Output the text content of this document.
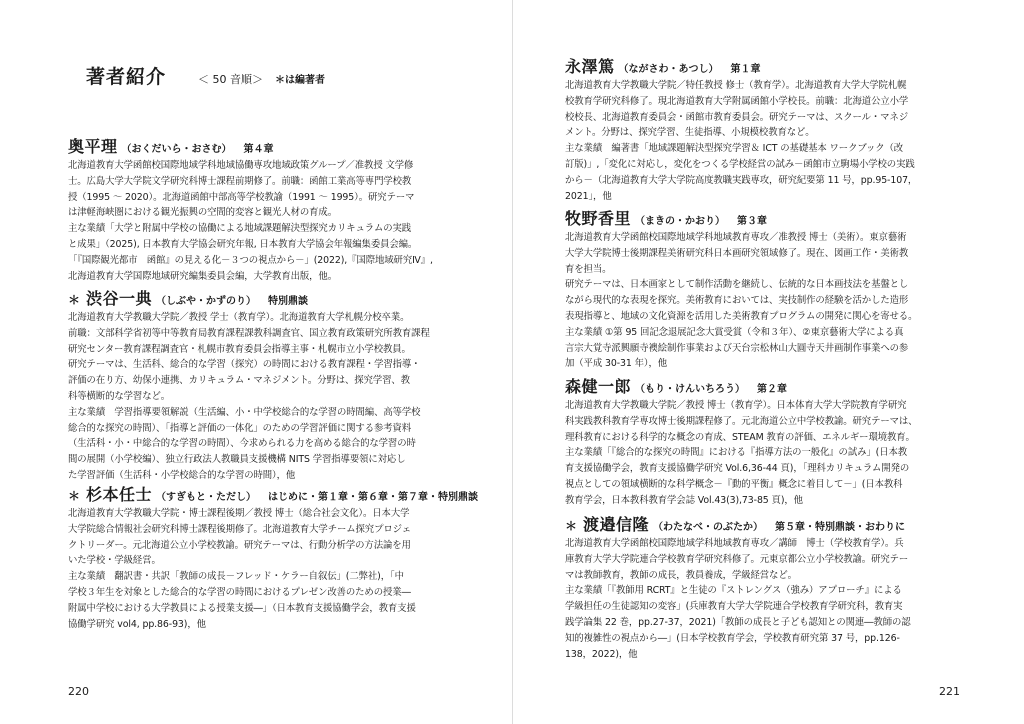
著者紹介	＜ 50 音順＞ ＊は編著者
奥平理 （おくだいら・おさむ） 第４章

北海道教育大学函館校国際地域学科地域協働専攻地域政策グループ／准教授 文学修

士。広島大学大学院文学研究科博士課程前期修了。前職：函館工業高等専門学校教

授（1995 ～ 2020）。北海道函館中部高等学校教諭（1991 ～ 1995）。研究テーマ

は津軽海峡圏における観光振興の空間的変容と観光人材の育成。

主な業績「大学と附属中学校の協働による地域課題解決型探究カリキュラムの実践

と成果」（2025), 日本教育大学協会研究年報, 日本教育大学協会年報編集委員会編。

「『国際観光都市　函館』の見える化－３つの視点から－」(2022),『国際地域研究Ⅳ』,

北海道教育大学国際地域研究編集委員会編，大学教育出版，他。

＊ 渋谷一典 （しぶや・かずのり） 特別鼎談

北海道教育大学教職大学院／教授 学士（教育学）。北海道教育大学札幌分校卒業。

前職：文部科学省初等中等教育局教育課程課教科調査官、国立教育政策研究所教育課程

研究センター教育課程調査官・札幌市教育委員会指導主事・札幌市立小学校教員。

研究テーマは、生活科、総合的な学習（探究）の時間における教育課程・学習指導・

評価の在り方、幼保小連携、カリキュラム・マネジメント。分野は、探究学習、教

科等横断的な学習など。

主な業績　学習指導要領解説（生活編、小・中学校総合的な学習の時間編、高等学校

総合的な探究の時間）、「指導と評価の一体化」のための学習評価に関する参考資料

（生活科・小・中総合的な学習の時間）、今求められる力を高める総合的な学習の時

間の展開（小学校編）、独立行政法人教職員支援機構 NITS 学習指導要領に対応し

た学習評価（生活科・小学校総合的な学習の時間），他

＊ 杉本任士 （すぎもと・ただし） はじめに・第１章・第６章・第７章・特別鼎談

北海道教育大学教職大学院・博士課程後期／教授 博士（総合社会文化）。日本大学

大学院総合情報社会研究科博士課程後期修了。北海道教育大学チーム探究プロジェ

クトリーダー。元北海道公立小学校教諭。研究テーマは、行動分析学の方法論を用

いた学校・学級経営。

主な業績　翻訳書・共訳「教師の成長－フレッド・ケラー自叙伝」(二弊社)，「中

学校３年生を対象とした総合的な学習の時間におけるプレゼン改善のための授業―

附属中学校における大学教員による授業支援―」（日本教育支援協働学会，教育支援

協働学研究 vol4, pp.86-93)，他

220
永澤篤 （ながさわ・あつし） 第１章

北海道教育大学教職大学院／特任教授 修士（教育学）。北海道教育大学大学院札幌

校教育学研究科修了。現北海道教育大学附属函館小学校長。前職：北海道公立小学

校校長、北海道教育委員会・函館市教育委員会。研究テーマは、スクール・マネジ

メント。分野は、探究学習、生徒指導、小規模校教育など。

主な業績　編著書「地域課題解決型探究学習＆ ICT の基礎基本 ワークブック（改

訂版)」,「変化に対応し，変化をつくる学校経営の試み－函館市立駒場小学校の実践

から－（北海道教育大学大学院高度教職実践専攻，研究紀要第 11 号，pp.95-107，

2021」，他

牧野香里 （まきの・かおり） 第３章

北海道教育大学函館校国際地域学科地域教育専攻／准教授 博士（美術）。東京藝術

大学大学院博士後期課程美術研究科日本画研究領域修了。現在、図画工作・美術教

育を担当。

研究テーマは、日本画家として制作活動を継続し、伝統的な日本画技法を基盤とし

ながら現代的な表現を探究。美術教育においては、実技制作の経験を活かした造形

表現指導と、地域の文化資源を活用した美術教育プログラムの開発に関心を寄せる。

主な業績 ①第 95 回記念退展記念大賞受賞（令和３年）、②東京藝術大学による真

言宗大覚寺派興願寺襖絵制作事業および天台宗松林山大圓寺天井画制作事業への参

加（平成 30-31 年），他

森健一郎 （もり・けんいちろう） 第２章

北海道教育大学教職大学院／教授 博士（教育学）。日本体育大学大学院教育学研究

科実践教科教育学専攻博士後期課程修了。元北海道公立中学校教諭。研究テーマは、

理科教育における科学的な概念の育成、STEAM 教育の評価、エネルギー環境教育。

主な業績「『総合的な探究の時間』における『指導方法の一般化』の試み」(日本教

育支援協働学会，教育支援協働学研究 Vol.6,36-44 頁)，「理科カリキュラム開発の

視点としての領域横断的な科学概念－『動的平衡』概念に着目して－」(日本教科

教育学会，日本教科教育学会誌 Vol.43(3),73-85 頁)，他

＊ 渡邉信隆 （わたなべ・のぶたか） 第５章・特別鼎談・おわりに

北海道教育大学函館校国際地域学科地域教育専攻／講師　博士（学校教育学）。兵

庫教育大学大学院連合学校教育学研究科修了。元東京都公立小学校教諭。研究テー

マは教師教育，教師の成長，教員養成，学級経営など。

主な業績「『教師用 RCRT』と生徒の『ストレングス（強み）アプローチ』による

学級担任の生徒認知の変容」(兵庫教育大学大学院連合学校教育学研究科，教育実

践学論集 22 巻，pp.27-37，2021)「教師の成長と子ども認知との関連―教師の認

知的複雑性の視点から―」(日本学校教育学会，学校教育研究第 37 号，pp.126-

138，2022)，他

221
